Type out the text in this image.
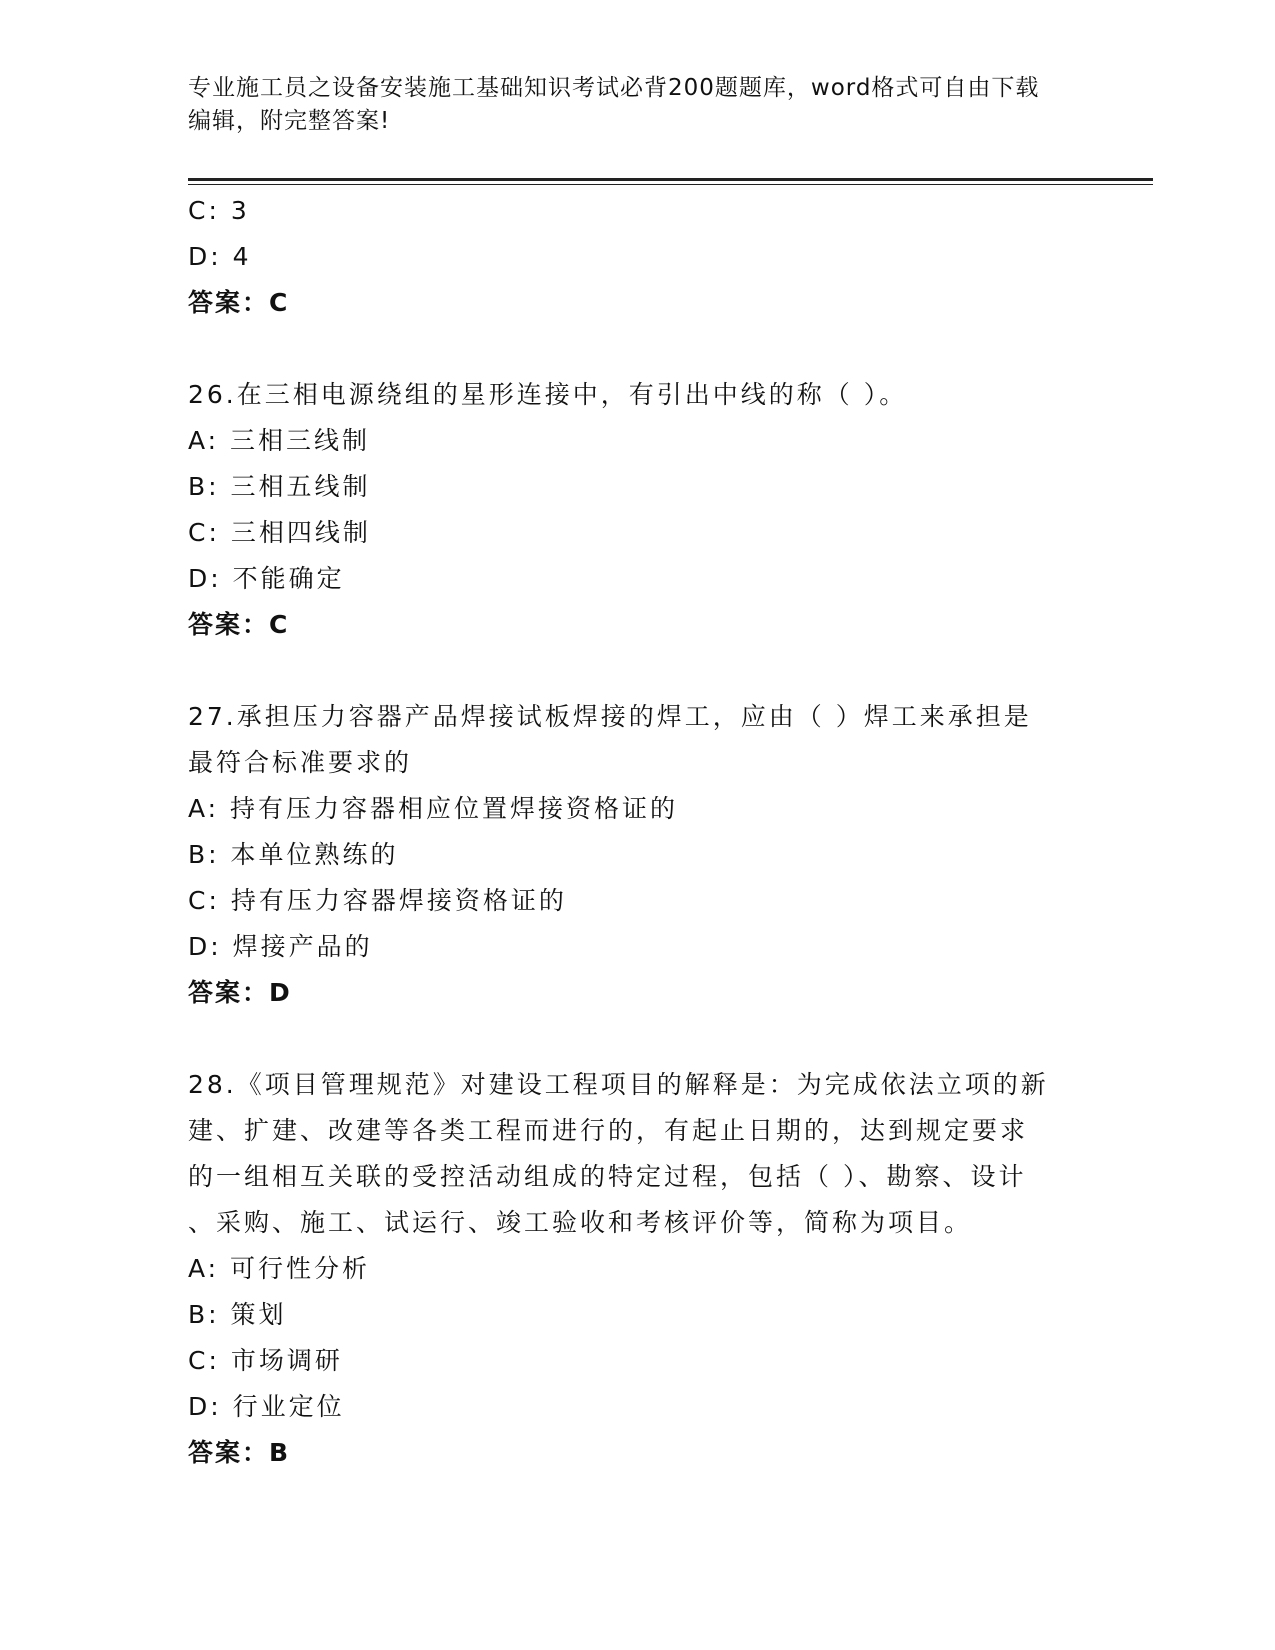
专业施工员之设备安装施工基础知识考试必背200题题库，word格式可自由下载
编辑，附完整答案!
C: 3
D: 4
答案：C
26.在三相电源绕组的星形连接中，有引出中线的称（ ）。
A: 三相三线制
B: 三相五线制
C: 三相四线制
D: 不能确定
答案：C
27.承担压力容器产品焊接试板焊接的焊工，应由（ ）焊工来承担是
最符合标准要求的
A: 持有压力容器相应位置焊接资格证的
B: 本单位熟练的
C: 持有压力容器焊接资格证的
D: 焊接产品的
答案：D
28.《项目管理规范》对建设工程项目的解释是：为完成依法立项的新
建、扩建、改建等各类工程而进行的，有起止日期的，达到规定要求
的一组相互关联的受控活动组成的特定过程，包括（ ）、勘察、设计
、采购、施工、试运行、竣工验收和考核评价等，简称为项目。
A: 可行性分析
B: 策划
C: 市场调研
D: 行业定位
答案：B
